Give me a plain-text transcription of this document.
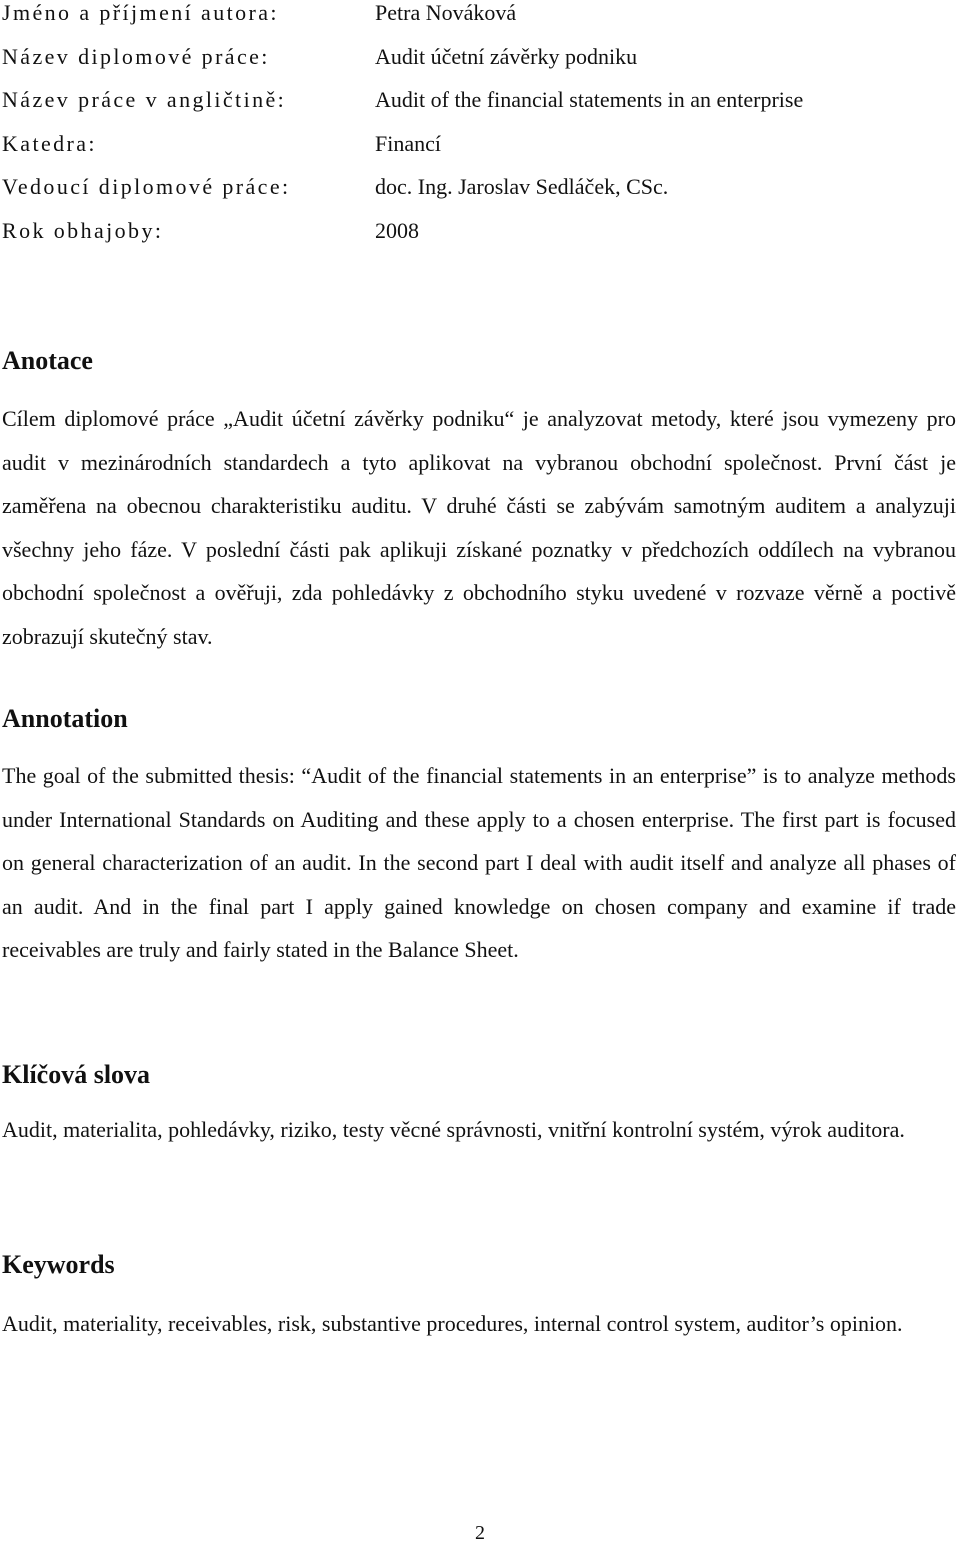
Jméno a příjmení autora:	Petra Nováková
Název diplomové práce:	Audit účetní závěrky podniku
Název práce v angličtině:	Audit of the financial statements in an enterprise
Katedra:	Financí
Vedoucí diplomové práce:	doc. Ing. Jaroslav Sedláček, CSc.
Rok obhajoby:	2008
Anotace

Cílem diplomové práce „Audit účetní závěrky podniku“ je analyzovat metody, které jsou vymezeny pro audit v mezinárodních standardech a tyto aplikovat na vybranou obchodní společnost. První část je zaměřena na obecnou charakteristiku auditu. V druhé části se zabývám samotným auditem a analyzuji všechny jeho fáze. V poslední části pak aplikuji získané poznatky v předchozích oddílech na vybranou obchodní společnost a ověřuji, zda pohledávky z obchodního styku uvedené v rozvaze věrně a poctivě zobrazují skutečný stav.

Annotation

The goal of the submitted thesis: “Audit of the financial statements in an enterprise” is to analyze methods under International Standards on Auditing and these apply to a chosen enterprise. The first part is focused on general characterization of an audit. In the second part I deal with audit itself and analyze all phases of an audit. And in the final part I apply gained knowledge on chosen company and examine if trade receivables are truly and fairly stated in the Balance Sheet.

Klíčová slova

Audit, materialita, pohledávky, riziko, testy věcné správnosti, vnitřní kontrolní systém, výrok auditora.

Keywords

Audit, materiality, receivables, risk, substantive procedures, internal control system, auditor’s opinion.

2
